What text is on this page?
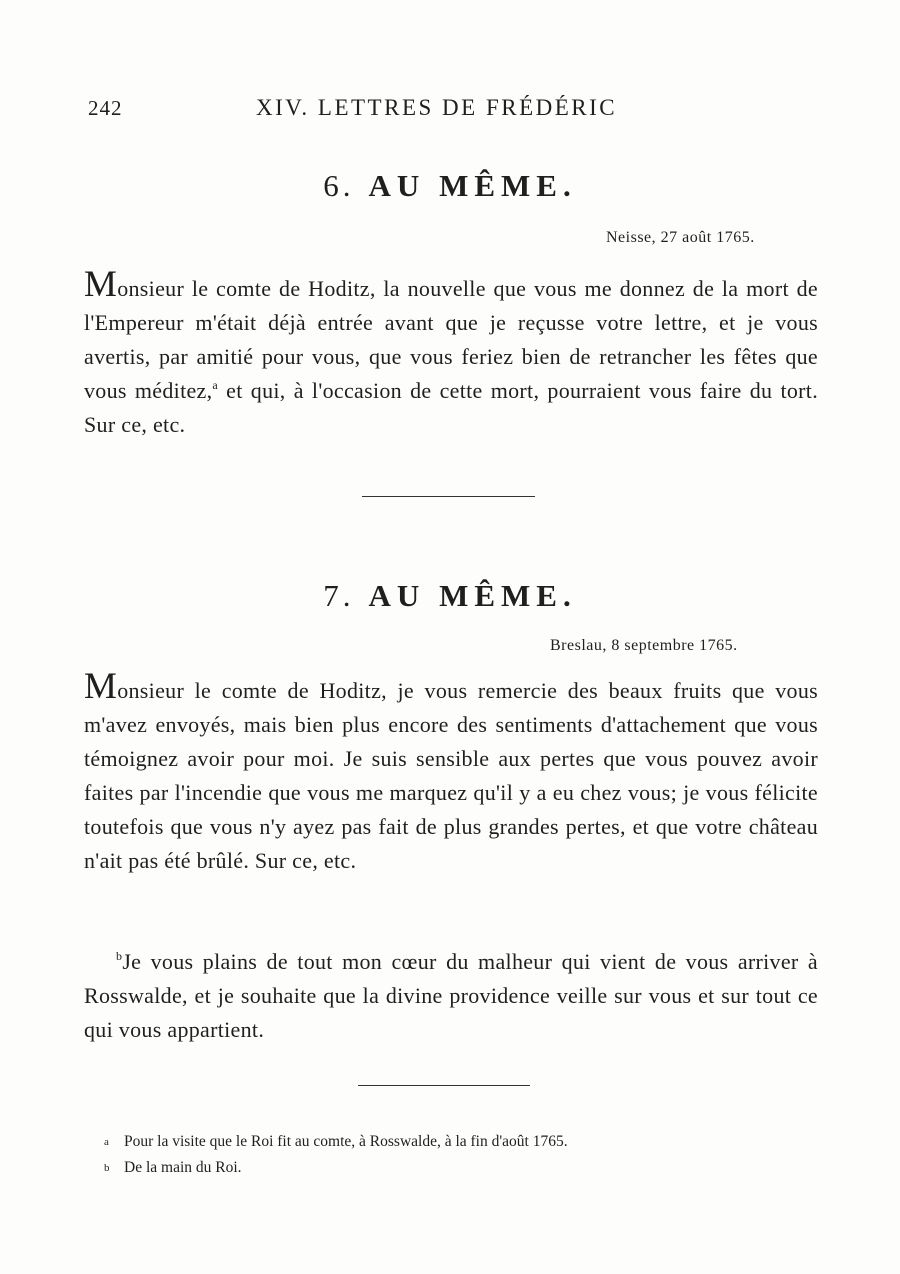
242	XIV. LETTRES DE FRÉDÉRIC
6. AU MÊME.
Neisse, 27 août 1765.
Monsieur le comte de Hoditz, la nouvelle que vous me donnez de la mort de l'Empereur m'était déjà entrée avant que je reçusse votre lettre, et je vous avertis, par amitié pour vous, que vous feriez bien de retrancher les fêtes que vous méditez,$^a$ et qui, à l'occasion de cette mort, pourraient vous faire du tort. Sur ce, etc.
7. AU MÊME.
Breslau, 8 septembre 1765.
Monsieur le comte de Hoditz, je vous remercie des beaux fruits que vous m'avez envoyés, mais bien plus encore des sentiments d'attachement que vous témoignez avoir pour moi. Je suis sensible aux pertes que vous pouvez avoir faites par l'incendie que vous me marquez qu'il y a eu chez vous; je vous félicite toutefois que vous n'y ayez pas fait de plus grandes pertes, et que votre château n'ait pas été brûlé. Sur ce, etc.
$^b$Je vous plains de tout mon cœur du malheur qui vient de vous arriver à Rosswalde, et je souhaite que la divine providence veille sur vous et sur tout ce qui vous appartient.
a Pour la visite que le Roi fit au comte, à Rosswalde, à la fin d'août 1765.
b De la main du Roi.
